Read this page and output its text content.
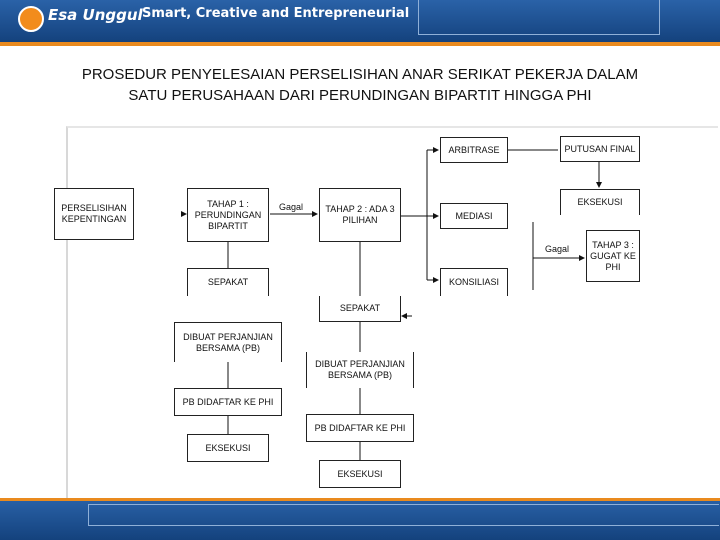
Esa Unggul Smart, Creative and Entrepreneurial
PROSEDUR PENYELESAIAN PERSELISIHAN ANAR SERIKAT PEKERJA DALAM
SATU PERUSAHAAN DARI PERUNDINGAN BIPARTIT HINGGA PHI
PERSELISIHAN KEPENTINGAN
TAHAP 1 : PERUNDINGAN BIPARTIT
Gagal	TAHAP 2 : ADA 3 PILIHAN
SEPAKAT
SEPAKAT
DIBUAT PERJANJIAN BERSAMA (PB)
DIBUAT PERJANJIAN BERSAMA (PB)
PB DIDAFTAR KE PHI
PB DIDAFTAR KE PHI
EKSEKUSI
EKSEKUSI
ARBITRASE
MEDIASI
KONSILIASI
PUTUSAN FINAL
EKSEKUSI
Gagal	TAHAP 3 : GUGAT KE PHI
